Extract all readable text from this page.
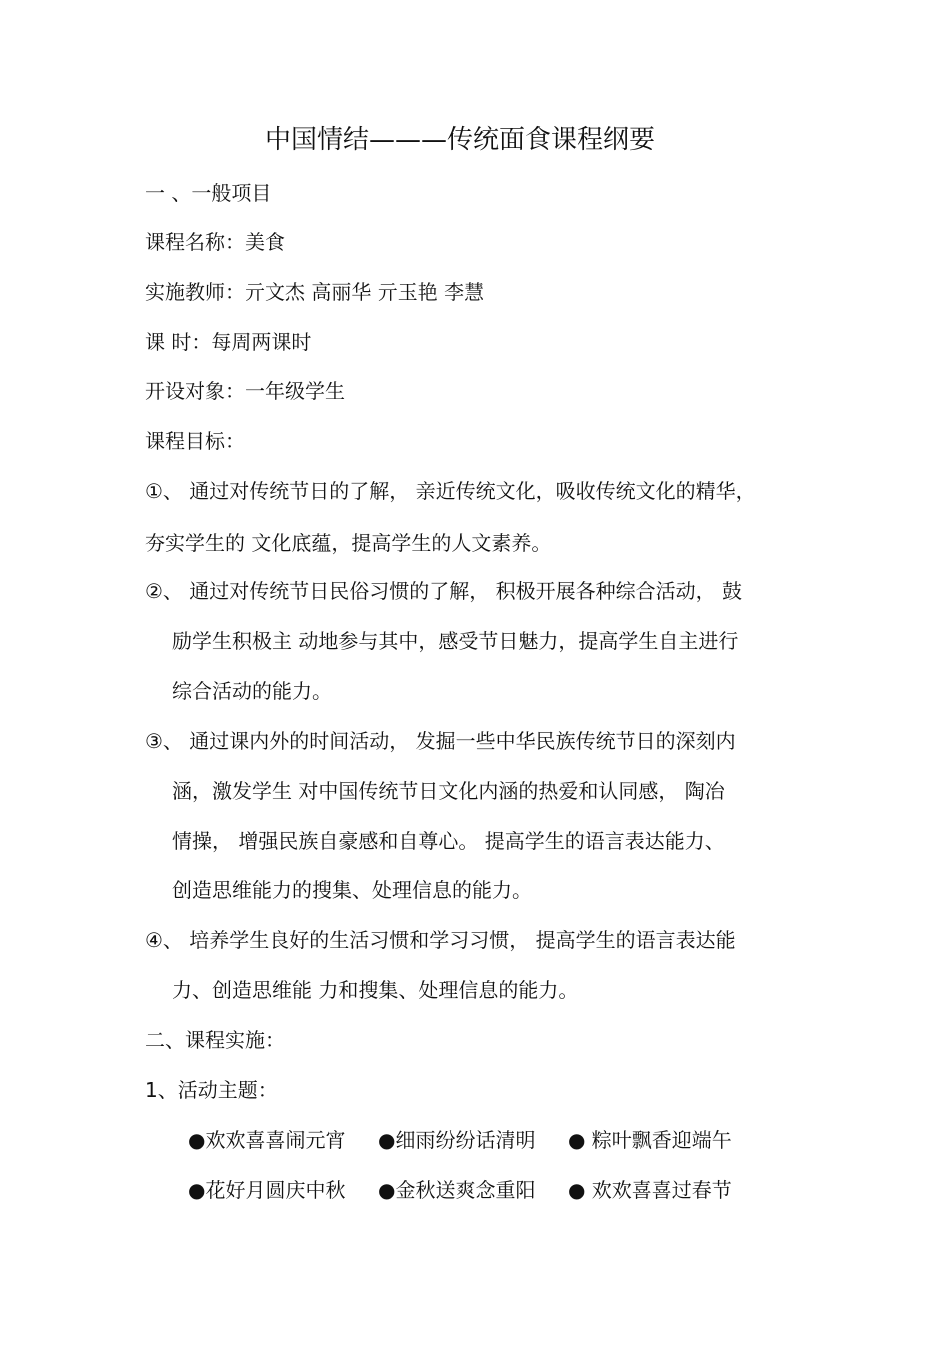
中国情结———传统面食课程纲要
一 、一般项目
课程名称：美食
实施教师：亓文杰 高丽华 亓玉艳 李慧
课 时：每周两课时
开设对象：一年级学生
课程目标：
①、 通过对传统节日的了解， 亲近传统文化，吸收传统文化的精华，
夯实学生的 文化底蕴，提高学生的人文素养。
②、 通过对传统节日民俗习惯的了解， 积极开展各种综合活动， 鼓
励学生积极主 动地参与其中，感受节日魅力，提高学生自主进行
综合活动的能力。
③、 通过课内外的时间活动， 发掘一些中华民族传统节日的深刻内
涵，激发学生 对中国传统节日文化内涵的热爱和认同感， 陶冶
情操， 增强民族自豪感和自尊心。 提高学生的语言表达能力、
创造思维能力的搜集、处理信息的能力。
④、 培养学生良好的生活习惯和学习习惯， 提高学生的语言表达能
力、创造思维能 力和搜集、处理信息的能力。
二、课程实施：
1、活动主题：
●欢欢喜喜闹元宵 ●细雨纷纷话清明 ● 粽叶飘香迎端午
●花好月圆庆中秋 ●金秋送爽念重阳 ● 欢欢喜喜过春节
